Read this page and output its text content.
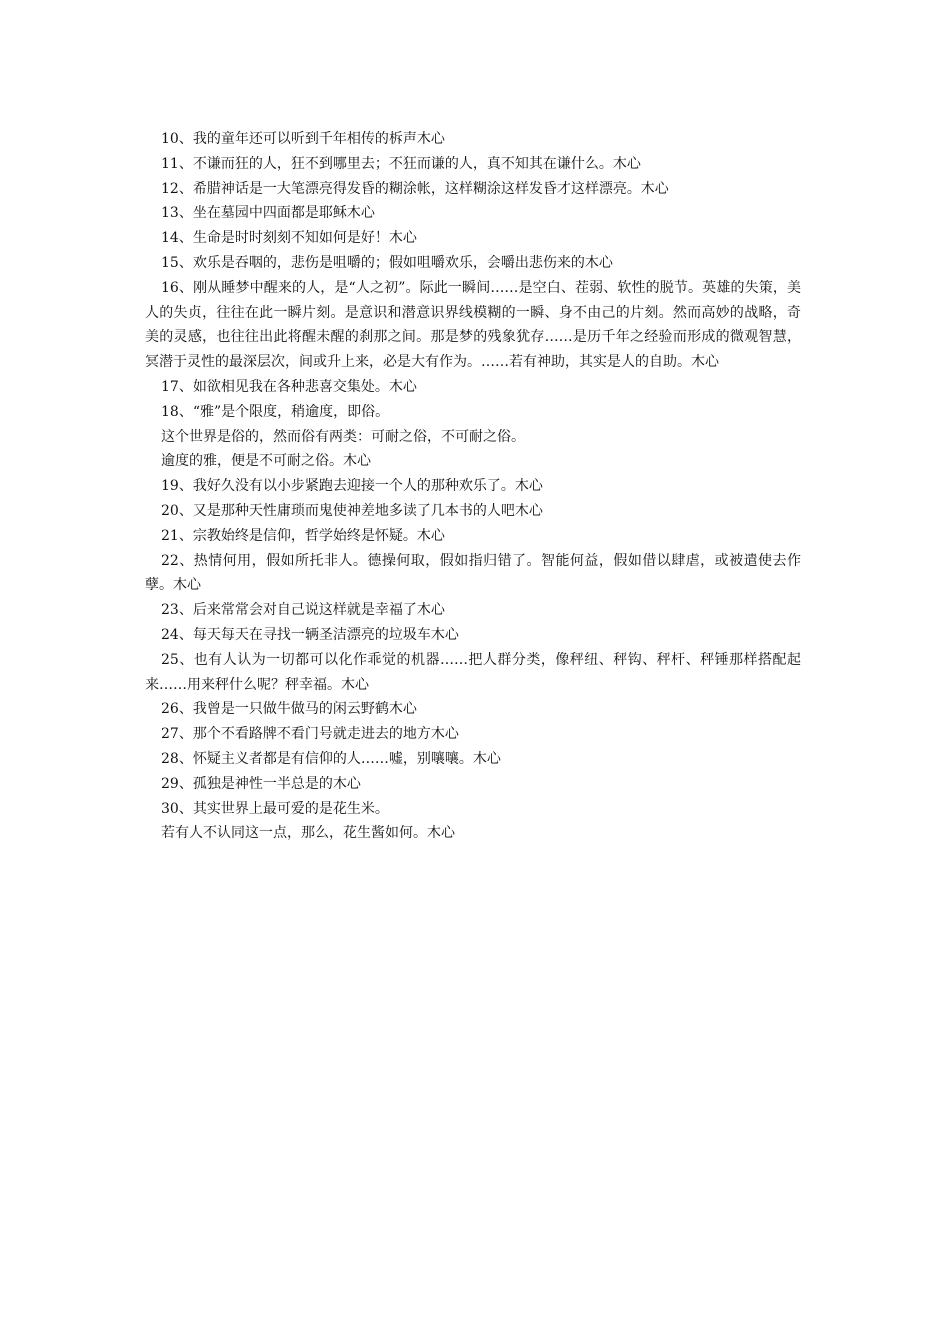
10、我的童年还可以听到千年相传的柝声木心

11、不谦而狂的人，狂不到哪里去；不狂而谦的人，真不知其在谦什么。木心

12、希腊神话是一大笔漂亮得发昏的糊涂帐，这样糊涂这样发昏才这样漂亮。木心

13、坐在墓园中四面都是耶稣木心

14、生命是时时刻刻不知如何是好！木心

15、欢乐是吞咽的，悲伤是咀嚼的；假如咀嚼欢乐，会嚼出悲伤来的木心

16、刚从睡梦中醒来的人，是“人之初”。际此一瞬间……是空白、茬弱、软性的脱节。英雄的失策，美人的失贞，往往在此一瞬片刻。是意识和潜意识界线模糊的一瞬、身不由己的片刻。然而高妙的战略，奇美的灵感，也往往出此将醒未醒的刹那之间。那是梦的残象犹存……是历千年之经验而形成的微观智慧，冥潜于灵性的最深层次，间或升上来，必是大有作为。……若有神助，其实是人的自助。木心

17、如欲相见我在各种悲喜交集处。木心

18、“雅”是个限度，稍逾度，即俗。

这个世界是俗的，然而俗有两类：可耐之俗，不可耐之俗。

逾度的雅，便是不可耐之俗。木心

19、我好久没有以小步紧跑去迎接一个人的那种欢乐了。木心

20、又是那种天性庸琐而鬼使神差地多读了几本书的人吧木心

21、宗教始终是信仰，哲学始终是怀疑。木心

22、热情何用，假如所托非人。德操何取，假如指归错了。智能何益，假如借以肆虐，或被遣使去作孽。木心

23、后来常常会对自己说这样就是幸福了木心

24、每天每天在寻找一辆圣洁漂亮的垃圾车木心

25、也有人认为一切都可以化作乖觉的机器……把人群分类，像秤纽、秤钩、秤杆、秤锤那样搭配起来……用来秤什么呢？秤幸福。木心

26、我曾是一只做牛做马的闲云野鹤木心

27、那个不看路牌不看门号就走进去的地方木心

28、怀疑主义者都是有信仰的人……嘘，别嚷嚷。木心

29、孤独是神性一半总是的木心

30、其实世界上最可爱的是花生米。

若有人不认同这一点，那么，花生酱如何。木心
